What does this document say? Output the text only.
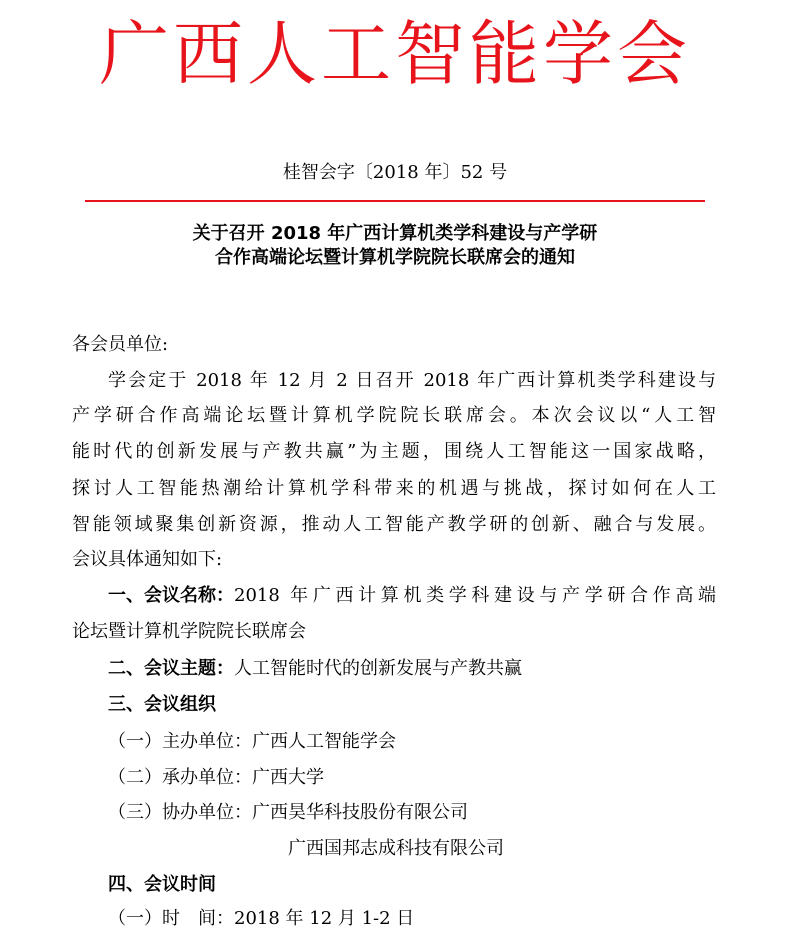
广西人工智能学会
桂智会字〔2018 年〕52 号
关于召开 2018 年广西计算机类学科建设与产学研
合作高端论坛暨计算机学院院长联席会的通知
各会员单位:
学会定于 2018 年 12 月 2 日召开 2018 年广西计算机类学科建设与
产学研合作高端论坛暨计算机学院院长联席会。本次会议以“人工智
能时代的创新发展与产教共赢”为主题，围绕人工智能这一国家战略，
探讨人工智能热潮给计算机学科带来的机遇与挑战，探讨如何在人工
智能领域聚集创新资源，推动人工智能产教学研的创新、融合与发展。
会议具体通知如下:
一、会议名称： 2018 年广西计算机类学科建设与产学研合作高端
论坛暨计算机学院院长联席会
二、会议主题：人工智能时代的创新发展与产教共赢
三、会议组织
（一）主办单位：广西人工智能学会
（二）承办单位：广西大学
（三）协办单位：广西昊华科技股份有限公司
广西国邦志成科技有限公司
四、会议时间
（一）时　间：2018 年 12 月 1-2 日
